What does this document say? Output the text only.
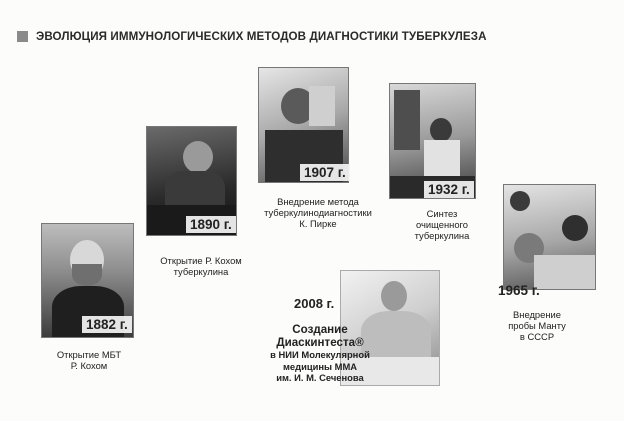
ЭВОЛЮЦИЯ ИММУНОЛОГИЧЕСКИХ МЕТОДОВ ДИАГНОСТИКИ ТУБЕРКУЛЕЗА
1882 г.
Открытие МБТ
Р. Кохом
1890 г.
Открытие Р. Кохом
туберкулина
1907 г.
Внедрение метода
туберкулинодиагностики
К. Пирке
1932 г.
Синтез
очищенного
туберкулина
1965 г.
Внедрение
пробы Манту
в СССР
2008 г.
Создание
Диаскинтеста®
в НИИ Молекулярной
медицины ММА
им. И. М. Сеченова
